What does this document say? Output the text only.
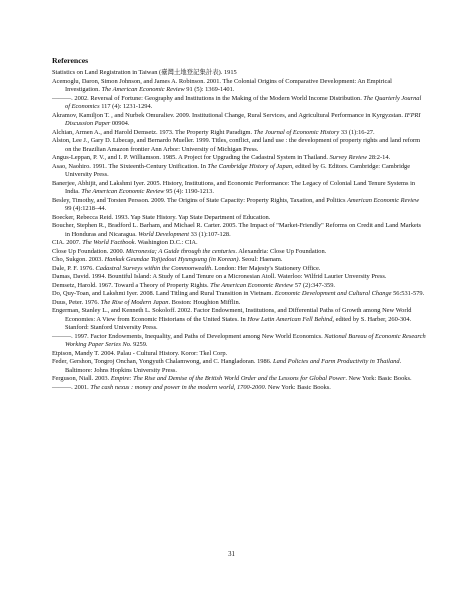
References
Statistics on Land Registration in Taiwan (臺灣土地登記集計表). 1915
Acemoglu, Daron, Simon Johnson, and James A. Robinson. 2001. The Colonial Origins of Comparative Development: An Empirical Investigation. The American Economic Review 91 (5): 1369-1401.
———. 2002. Reversal of Fortune: Geography and Institutions in the Making of the Modern World Income Distribution. The Quarterly Journal of Economics 117 (4): 1231-1294.
Akramov, Kamiljon T. , and Nurbek Omuraliev. 2009. Institutional Change, Rural Services, and Agricultural Performance in Kyrgyzstan. IFPRI Discussion Paper 00904.
Alchian, Armen A., and Harold Demsetz. 1973. The Property Right Paradigm. The Journal of Economic History 33 (1):16-27.
Alston, Lee J., Gary D. Libecap, and Bernardo Mueller. 1999. Titles, conflict, and land use : the development of property rights and land reform on the Brazilian Amazon frontier Ann Arbor: University of Michigan Press.
Angus-Leppan, P. V., and I. P. Williamson. 1985. A Project for Upgrading the Cadastral System in Thailand. Survey Review 28:2-14.
Asao, Naohiro. 1991. The Sixteenth-Century Unification. In The Cambridge History of Japan, edited by G. Editors. Cambridge: Cambridge University Press.
Banerjee, Abhijit, and Lakshmi Iyer. 2005. History, Institutions, and Economic Performance: The Legacy of Colonial Land Tenure Systems in India. The American Economic Review 95 (4): 1190-1213.
Besley, Timothy, and Torsten Persson. 2009. The Origins of State Capacity: Property Rights, Taxation, and Politics American Economic Review 99 (4):1218–44.
Boecker, Rebecca Reid. 1993. Yap State History. Yap State Department of Education.
Boucher, Stephen R., Bradford L. Barham, and Michael R. Carter. 2005. The Impact of "Market-Friendly" Reforms on Credit and Land Markets in Honduras and Nicaragua. World Development 33 (1):107-128.
CIA. 2007. The World Factbook. Washington D.C.: CIA.
Close Up Foundation. 2000. Micronesia; A Guide through the centuries. Alexandria: Close Up Foundation.
Cho, Sukgon. 2003. Hankuk Geundae Tojijedoui Hyungsung (in Korean). Seoul: Haenam.
Dale, P. F. 1976. Cadastral Surveys within the Commonwealth. London: Her Majesty's Stationery Office.
Damas, David. 1994. Bountiful Island: A Study of Land Tenure on a Micronesian Atoll. Waterloo: Wilfrid Laurier Unversity Press.
Demsetz, Harold. 1967. Toward a Theory of Property Rights. The American Economic Review 57 (2):347-359.
Do, Quy-Toan, and Lakshmi Iyer. 2008. Land Titling and Rural Transition in Vietnam. Economic Development and Cultural Change 56:531-579.
Duus, Peter. 1976. The Rise of Modern Japan. Boston: Houghton Mifflin.
Engerman, Stanley L., and Kenneth L. Sokoloff. 2002. Factor Endowment, Institutions, and Differential Paths of Growth among New World Economies: A View from Economic Historians of the United States. In How Latin American Fell Behind, edited by S. Harber, 260-304. Stanford: Stanford University Press.
———. 1997. Factor Endowments, Inequality, and Paths of Development among New World Economics. National Bureau of Economic Research Working Paper Series No. 9259.
Etpison, Mandy T. 2004. Palau - Cultural History. Koror: Tkel Corp.
Feder, Gershon, Tongroj Onchan, Yongyuth Chalamwong, and C. Hangladoran. 1986. Land Policies and Farm Productivity in Thailand. Baltimore: Johns Hopkins University Press.
Ferguson, Niall. 2003. Empire: The Rise and Demise of the British World Order and the Lessons for Global Power. New York: Basic Books.
———. 2001. The cash nexus : money and power in the modern world, 1700-2000. New York: Basic Books.
31
